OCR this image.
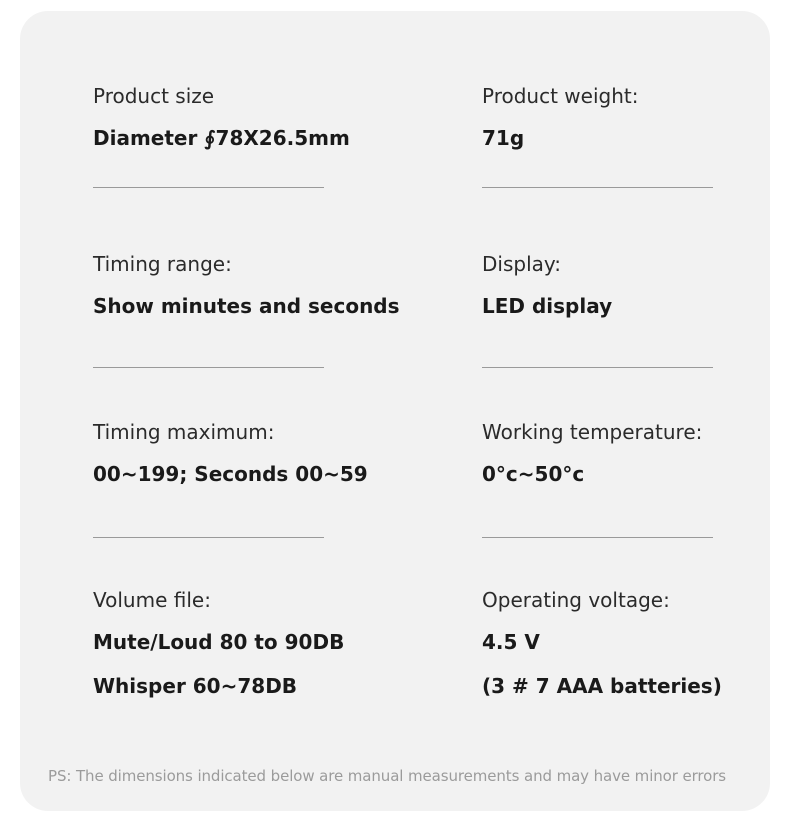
Product size
Diameter ∮78X26.5mm
Product weight:
71g
Timing range:
Show minutes and seconds
Display:
LED display
Timing maximum:
00~199; Seconds 00~59
Working temperature:
0°c~50°c
Volume file:
Mute/Loud 80 to 90DB
Whisper 60~78DB
Operating voltage:
4.5 V
(3 # 7 AAA batteries)
PS: The dimensions indicated below are manual measurements and may have minor errors
